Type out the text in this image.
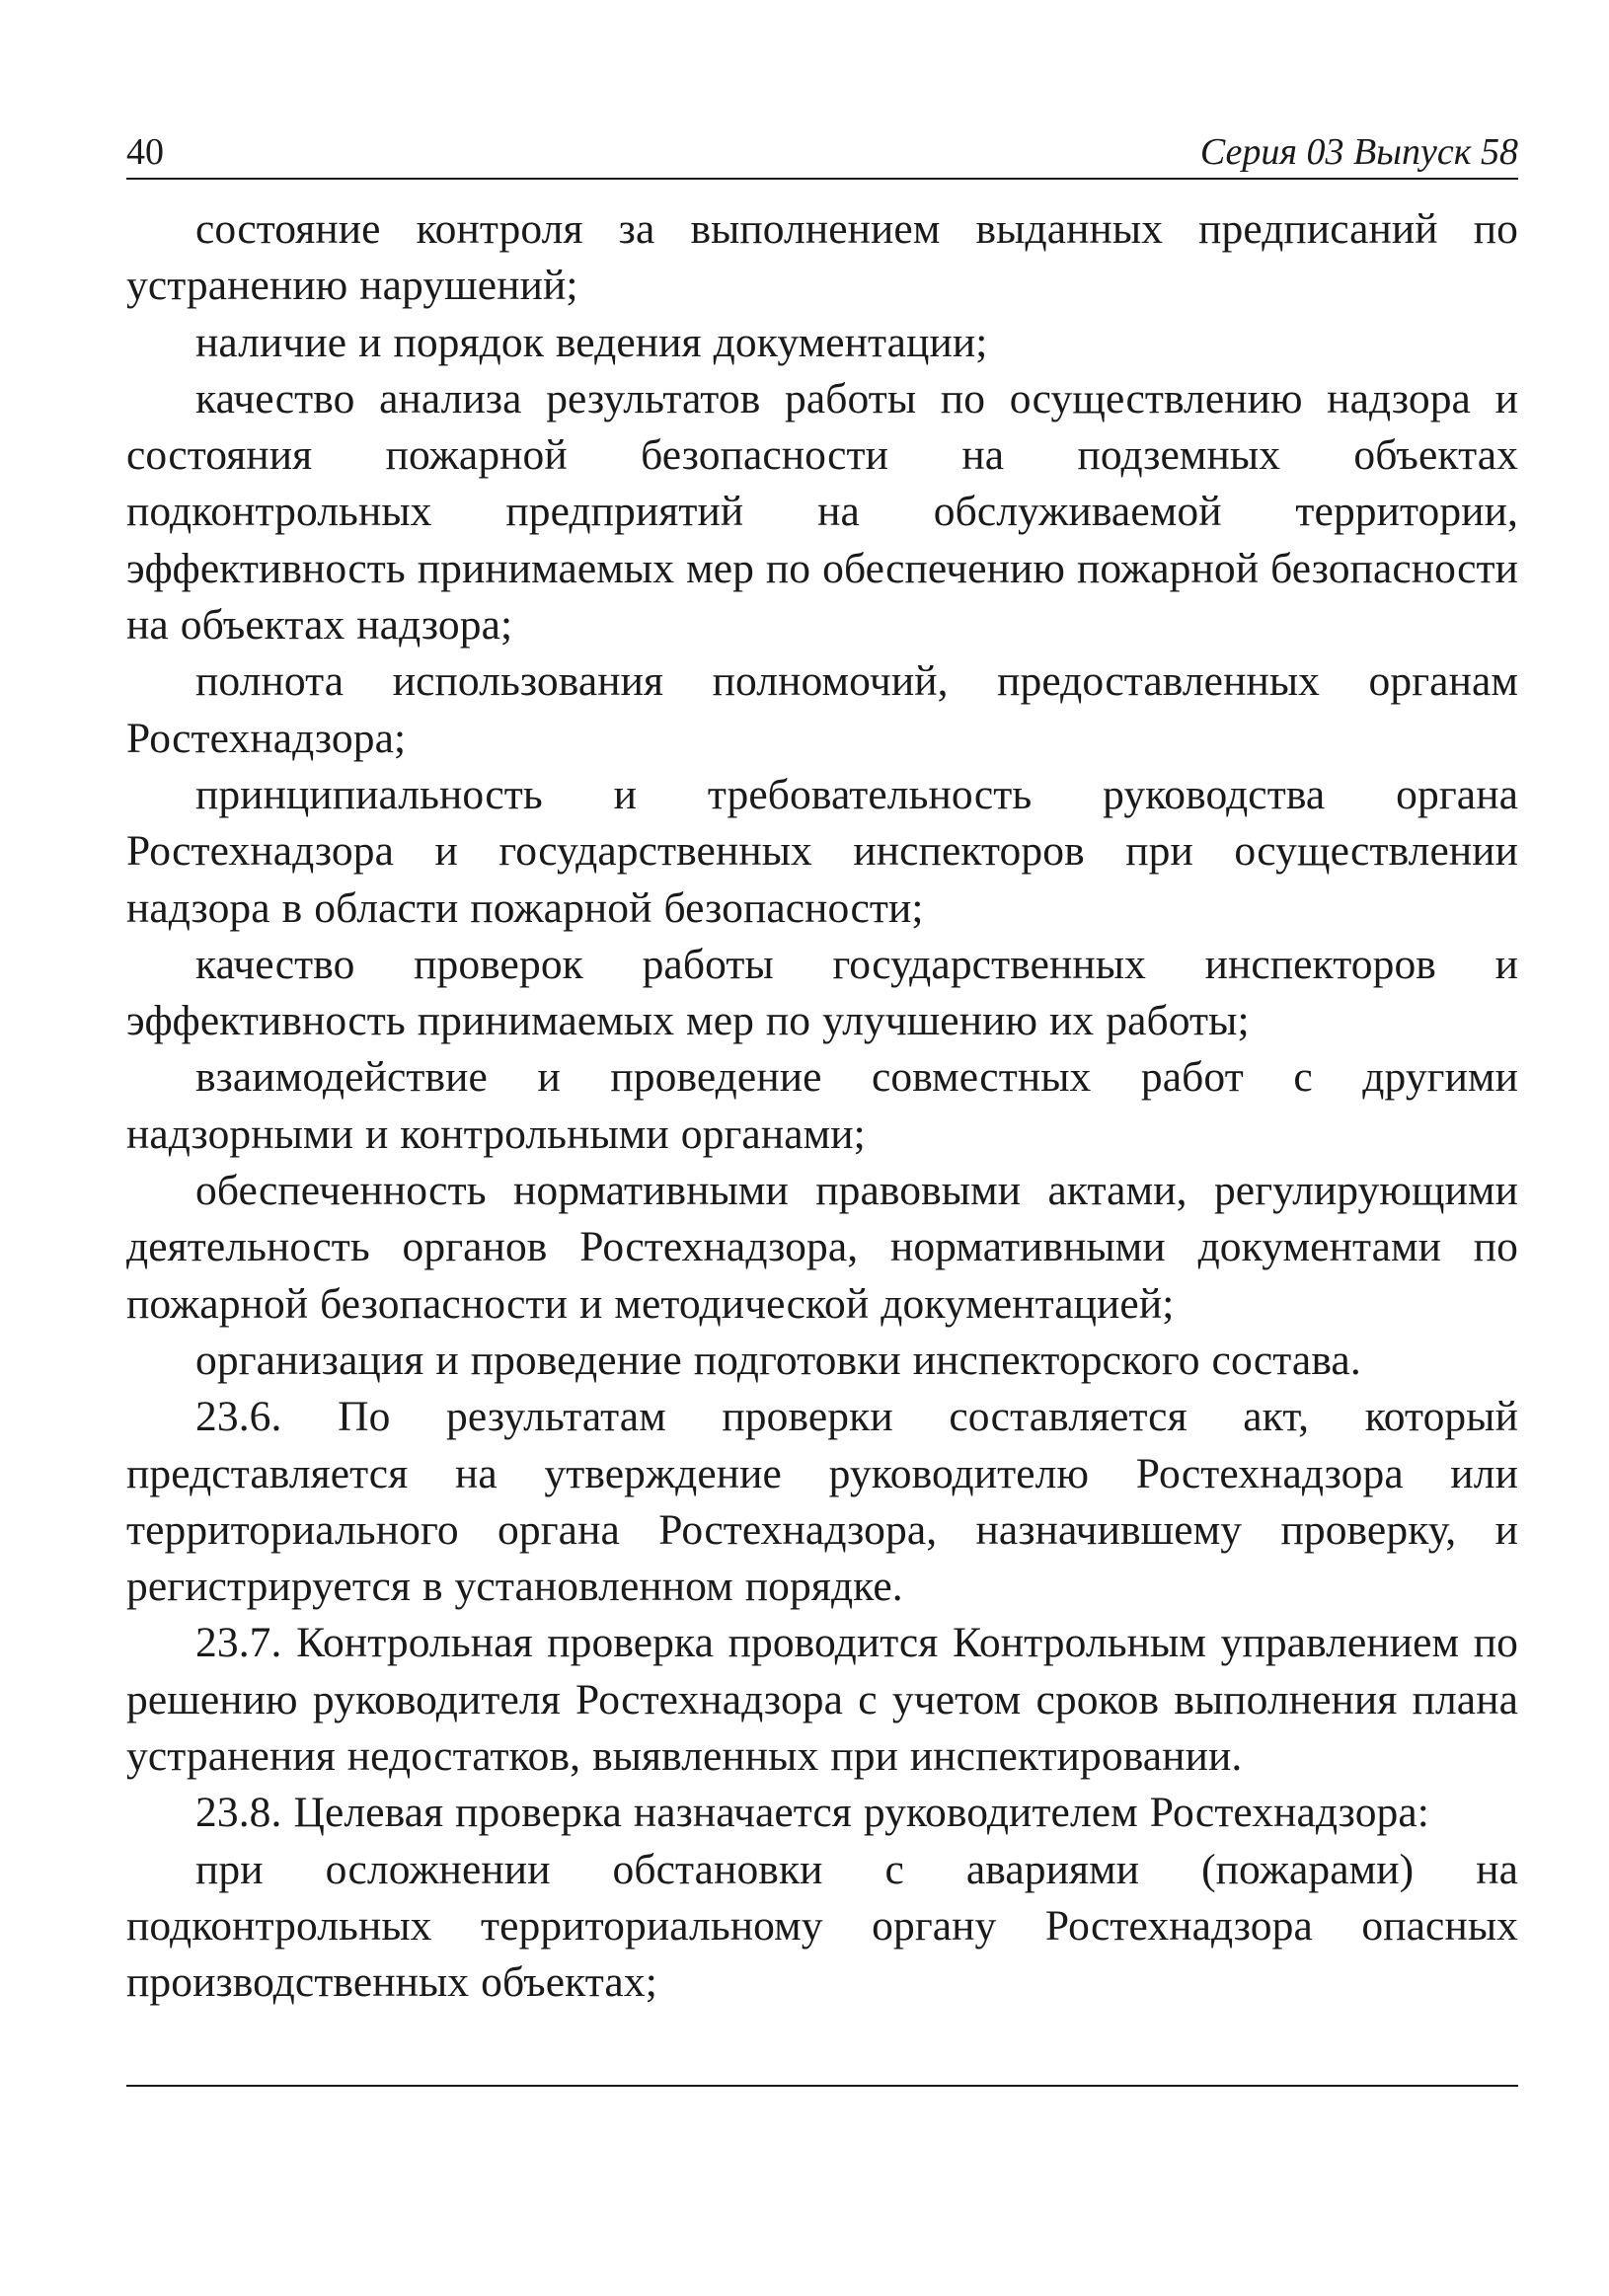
40	Серия 03 Выпуск 58

состояние контроля за выполнением выданных предписаний по устранению нарушений;

наличие и порядок ведения документации;

качество анализа результатов работы по осуществлению надзора и состояния пожарной безопасности на подземных объектах подконтрольных предприятий на обслуживаемой территории, эффективность принимаемых мер по обеспечению пожарной безопасности на объектах надзора;

полнота использования полномочий, предоставленных органам Ростехнадзора;

принципиальность и требовательность руководства органа Ростехнадзора и государственных инспекторов при осуществлении надзора в области пожарной безопасности;

качество проверок работы государственных инспекторов и эффективность принимаемых мер по улучшению их работы;

взаимодействие и проведение совместных работ с другими надзорными и контрольными органами;

обеспеченность нормативными правовыми актами, регулирующими деятельность органов Ростехнадзора, нормативными документами по пожарной безопасности и методической документацией;

организация и проведение подготовки инспекторского состава.

23.6. По результатам проверки составляется акт, который представляется на утверждение руководителю Ростехнадзора или территориального органа Ростехнадзора, назначившему проверку, и регистрируется в установленном порядке.

23.7. Контрольная проверка проводится Контрольным управлением по решению руководителя Ростехнадзора с учетом сроков выполнения плана устранения недостатков, выявленных при инспектировании.

23.8. Целевая проверка назначается руководителем Ростехнадзора:

при осложнении обстановки с авариями (пожарами) на подконтрольных территориальному органу Ростехнадзора опасных производственных объектах;
